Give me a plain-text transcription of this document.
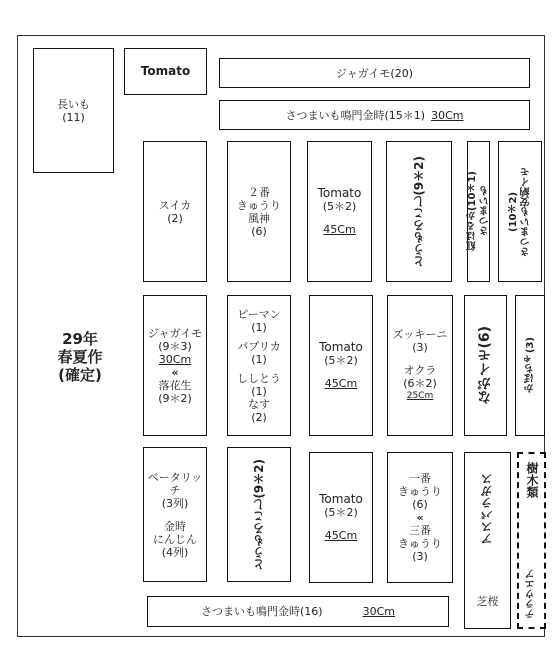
長いも
(11)
Tomato	ジャガイモ(20)
さつまいも鳴門金時(15＊1) 30Cm
スイカ
(2)
２番
きゅうり
風神
(6)
Tomato
(5＊2)
45Cm	とうもろこし(9＊2)	さつまいも
紅はるか(10＊1)	さつまいも安納イモ
(10＊2)
29年
春夏作
(確定)
ジャガイモ
(9＊3)
30Cm
«
落花生
(9＊2)
ピーマン
(1)
パプリカ
(1)
ししとう
(1)
なす
(2)
Tomato
(5＊2)
45Cm
ズッキーニ
(3)
オクラ
(6＊2)
25Cm	ながイモ(6)	かぼちゃ(3)
ベータリッチ
(3列)
金時
にんじん
(4列)	とうもろこし(9＊2)	Tomato
(5＊2)
45Cm
一番
きゅうり
(6)
«
三番
きゅうり
(3)
アスパラガス
芝桜
樹木類
テラウエア
さつまいも鳴門金時(16)	30Cm
